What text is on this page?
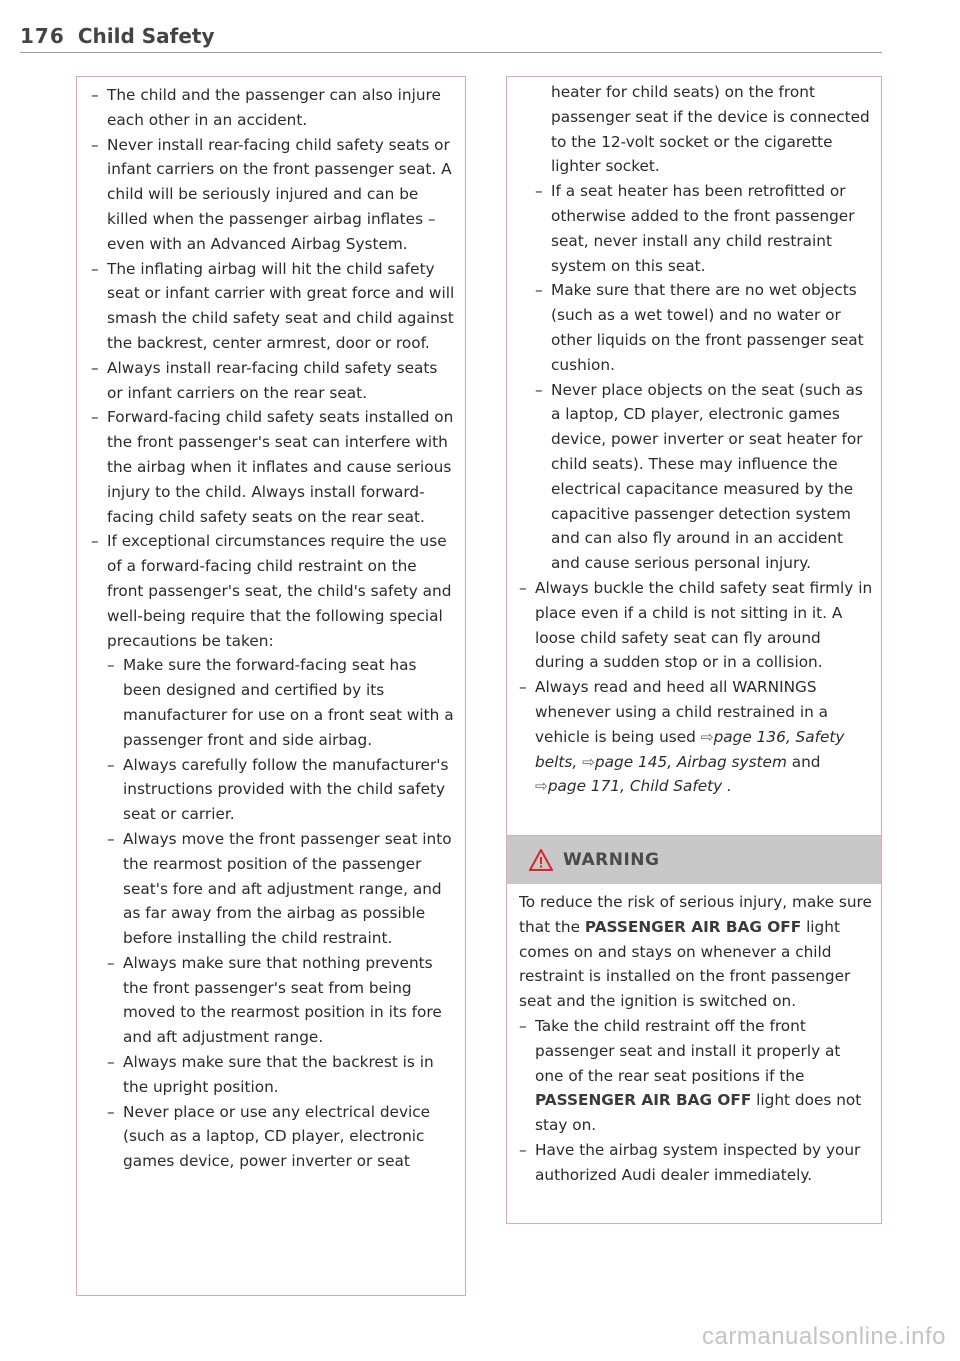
176 Child Safety
– The child and the passenger can also injure each other in an accident.
– Never install rear-facing child safety seats or infant carriers on the front passenger seat. A child will be seriously injured and can be killed when the passenger airbag inflates – even with an Advanced Airbag System.
– The inflating airbag will hit the child safety seat or infant carrier with great force and will smash the child safety seat and child against the backrest, center armrest, door or roof.
– Always install rear-facing child safety seats or infant carriers on the rear seat.
– Forward-facing child safety seats installed on the front passenger's seat can interfere with the airbag when it inflates and cause serious injury to the child. Always install forward-facing child safety seats on the rear seat.
– If exceptional circumstances require the use of a forward-facing child restraint on the front passenger's seat, the child's safety and well-being require that the following special precautions be taken:
– Make sure the forward-facing seat has been designed and certified by its manufacturer for use on a front seat with a passenger front and side airbag.
– Always carefully follow the manufacturer's instructions provided with the child safety seat or carrier.
– Always move the front passenger seat into the rearmost position of the passenger seat's fore and aft adjustment range, and as far away from the airbag as possible before installing the child restraint.
– Always make sure that nothing prevents the front passenger's seat from being moved to the rearmost position in its fore and aft adjustment range.
– Always make sure that the backrest is in the upright position.
– Never place or use any electrical device (such as a laptop, CD player, electronic games device, power inverter or seat
heater for child seats) on the front passenger seat if the device is connected to the 12-volt socket or the cigarette lighter socket.
– If a seat heater has been retrofitted or otherwise added to the front passenger seat, never install any child restraint system on this seat.
– Make sure that there are no wet objects (such as a wet towel) and no water or other liquids on the front passenger seat cushion.
– Never place objects on the seat (such as a laptop, CD player, electronic games device, power inverter or seat heater for child seats). These may influence the electrical capacitance measured by the capacitive passenger detection system and can also fly around in an accident and cause serious personal injury.
– Always buckle the child safety seat firmly in place even if a child is not sitting in it. A loose child safety seat can fly around during a sudden stop or in a collision.
– Always read and heed all WARNINGS whenever using a child restrained in a vehicle is being used ⇨page 136, Safety belts, ⇨page 145, Airbag system and ⇨page 171, Child Safety .
WARNING

To reduce the risk of serious injury, make sure that the PASSENGER AIR BAG OFF light comes on and stays on whenever a child restraint is installed on the front passenger seat and the ignition is switched on.

– Take the child restraint off the front passenger seat and install it properly at one of the rear seat positions if the PASSENGER AIR BAG OFF light does not stay on.
– Have the airbag system inspected by your authorized Audi dealer immediately.
carmanualsonline.info
